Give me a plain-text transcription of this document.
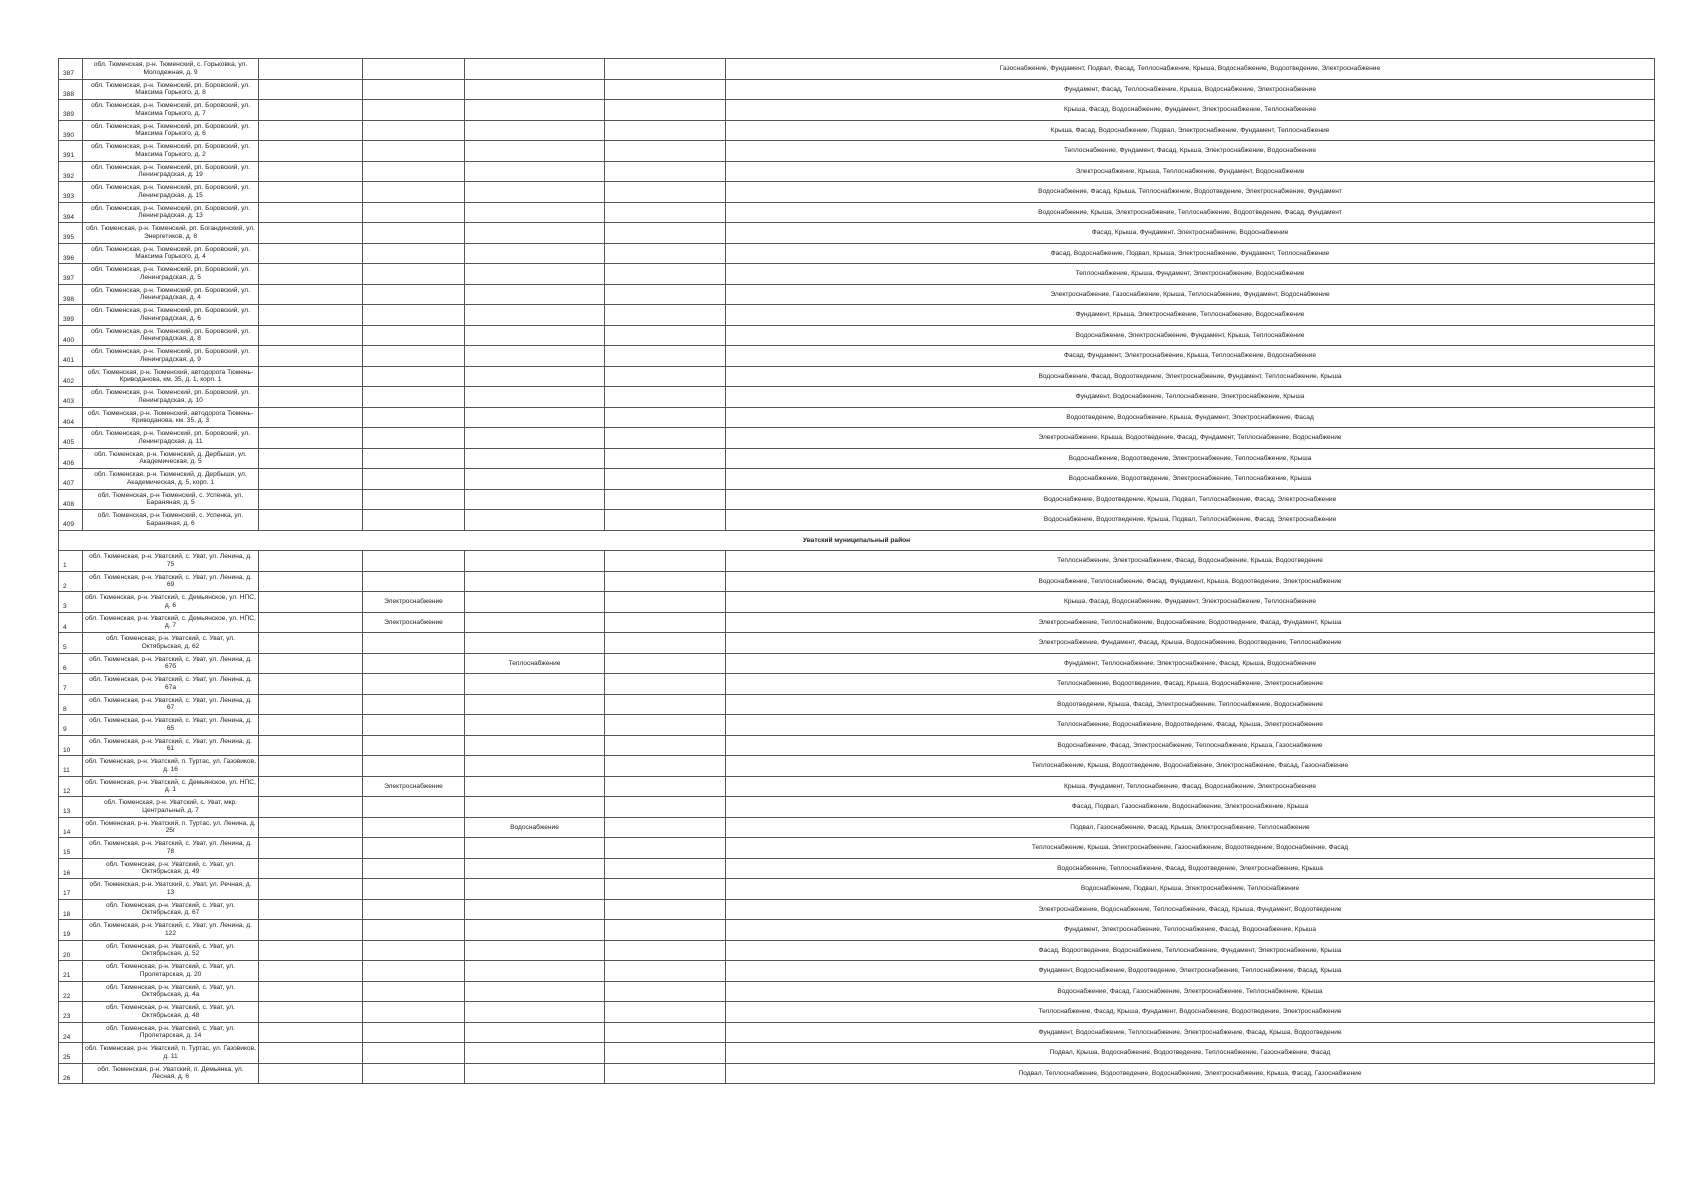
387	обл. Тюменская, р-н. Тюменский, с. Горьковка, ул. Молодежная, д. 9					Газоснабжение, Фундамент, Подвал, Фасад, Теплоснабжение, Крыша, Водоснабжение, Водоотведение, Электроснабжение
388	обл. Тюменская, р-н. Тюменский, рп. Боровский, ул. Максима Горького, д. 8					Фундамент, Фасад, Теплоснабжение, Крыша, Водоснабжение, Электроснабжение
389	обл. Тюменская, р-н. Тюменский, рп. Боровский, ул. Максима Горького, д. 7					Крыша, Фасад, Водоснабжение, Фундамент, Электроснабжение, Теплоснабжение
390	обл. Тюменская, р-н. Тюменский, рп. Боровский, ул. Максима Горького, д. 6					Крыша, Фасад, Водоснабжение, Подвал, Электроснабжение, Фундамент, Теплоснабжение
391	обл. Тюменская, р-н. Тюменский, рп. Боровский, ул. Максима Горького, д. 2					Теплоснабжение, Фундамент, Фасад, Крыша, Электроснабжение, Водоснабжение
392	обл. Тюменская, р-н. Тюменский, рп. Боровский, ул. Ленинградская, д. 19					Электроснабжение, Крыша, Теплоснабжение, Фундамент, Водоснабжение
393	обл. Тюменская, р-н. Тюменский, рп. Боровский, ул. Ленинградская, д. 15					Водоснабжение, Фасад, Крыша, Теплоснабжение, Водоотведение, Электроснабжение, Фундамент
394	обл. Тюменская, р-н. Тюменский, рп. Боровский, ул. Ленинградская, д. 13					Водоснабжение, Крыша, Электроснабжение, Теплоснабжение, Водоотведение, Фасад, Фундамент
395	обл. Тюменская, р-н. Тюменский, рп. Богандинский, ул. Энергетиков, д. 8					Фасад, Крыша, Фундамент, Электроснабжение, Водоснабжение
396	обл. Тюменская, р-н. Тюменский, рп. Боровский, ул. Максима Горького, д. 4					Фасад, Водоснабжение, Подвал, Крыша, Электроснабжение, Фундамент, Теплоснабжение
397	обл. Тюменская, р-н. Тюменский, рп. Боровский, ул. Ленинградская, д. 5					Теплоснабжение, Крыша, Фундамент, Электроснабжение, Водоснабжение
398	обл. Тюменская, р-н. Тюменский, рп. Боровский, ул. Ленинградская, д. 4					Электроснабжение, Газоснабжение, Крыша, Теплоснабжение, Фундамент, Водоснабжение
399	обл. Тюменская, р-н. Тюменский, рп. Боровский, ул. Ленинградская, д. 6					Фундамент, Крыша, Электроснабжение, Теплоснабжение, Водоснабжение
400	обл. Тюменская, р-н. Тюменский, рп. Боровский, ул. Ленинградская, д. 8					Водоснабжение, Электроснабжение, Фундамент, Крыша, Теплоснабжение
401	обл. Тюменская, р-н. Тюменский, рп. Боровский, ул. Ленинградская, д. 9					Фасад, Фундамент, Электроснабжение, Крыша, Теплоснабжение, Водоснабжение
402	обл. Тюменская, р-н. Тюменский, автодорога Тюмень-Криводанова, км. 35, д. 1, корп. 1					Водоснабжение, Фасад, Водоотведение, Электроснабжение, Фундамент, Теплоснабжение, Крыша
403	обл. Тюменская, р-н. Тюменский, рп. Боровский, ул. Ленинградская, д. 10					Фундамент, Водоснабжение, Теплоснабжение, Электроснабжение, Крыша
404	обл. Тюменская, р-н. Тюменский, автодорога Тюмень-Криводанова, км. 35, д. 3					Водоотведение, Водоснабжение, Крыша, Фундамент, Электроснабжение, Фасад
405	обл. Тюменская, р-н. Тюменский, рп. Боровский, ул. Ленинградская, д. 11					Электроснабжение, Крыша, Водоотведение, Фасад, Фундамент, Теплоснабжение, Водоснабжение
406	обл. Тюменская, р-н. Тюменский, д. Дербыши, ул. Академическая, д. 5					Водоснабжение, Водоотведение, Электроснабжение, Теплоснабжение, Крыша
407	обл. Тюменская, р-н. Тюменский, д. Дербыши, ул. Академическая, д. 5, корп. 1					Водоснабжение, Водоотведение, Электроснабжение, Теплоснабжение, Крыша
408	обл. Тюменская, р-н Тюменский, с. Успенка, ул. Бараняная, д. 5					Водоснабжение, Водоотведение, Крыша, Подвал, Теплоснабжение, Фасад, Электроснабжение
409	обл. Тюменская, р-н Тюменский, с. Успенка, ул. Бараняная, д. 6					Водоснабжение, Водоотведение, Крыша, Подвал, Теплоснабжение, Фасад, Электроснабжение
Уватский муниципальный район						
1	обл. Тюменская, р-н. Уватский, с. Уват, ул. Ленина, д. 75					Теплоснабжение, Электроснабжение, Фасад, Водоснабжение, Крыша, Водоотведение
2	обл. Тюменская, р-н. Уватский, с. Уват, ул. Ленина, д. 69					Водоснабжение, Теплоснабжение, Фасад, Фундамент, Крыша, Водоотведение, Электроснабжение
3	обл. Тюменская, р-н. Уватский, с. Демьянское, ул. НПС, д. 6		Электроснабжение			Крыша, Фасад, Водоснабжение, Фундамент, Электроснабжение, Теплоснабжение
4	обл. Тюменская, р-н. Уватский, с. Демьянское, ул. НПС, д. 7		Электроснабжение			Электроснабжение, Теплоснабжение, Водоснабжение, Водоотведение, Фасад, Фундамент, Крыша
5	обл. Тюменская, р-н. Уватский, с. Уват, ул. Октябрьская, д. 62					Электроснабжение, Фундамент, Фасад, Крыша, Водоснабжение, Водоотведение, Теплоснабжение
6	обл. Тюменская, р-н. Уватский, с. Уват, ул. Ленина, д. 67б			Теплоснабжение		Фундамент, Теплоснабжение, Электроснабжение, Фасад, Крыша, Водоснабжение
7	обл. Тюменская, р-н. Уватский, с. Уват, ул. Ленина, д. 67а					Теплоснабжение, Водоотведение, Фасад, Крыша, Водоснабжение, Электроснабжение
8	обл. Тюменская, р-н. Уватский, с. Уват, ул. Ленина, д. 67					Водоотведение, Крыша, Фасад, Электроснабжение, Теплоснабжение, Водоснабжение
9	обл. Тюменская, р-н. Уватский, с. Уват, ул. Ленина, д. 65					Теплоснабжение, Водоснабжение, Водоотведение, Фасад, Крыша, Электроснабжение
10	обл. Тюменская, р-н. Уватский, с. Уват, ул. Ленина, д. 61					Водоснабжение, Фасад, Электроснабжение, Теплоснабжение, Крыша, Газоснабжение
11	обл. Тюменская, р-н. Уватский, п. Туртас, ул. Газовиков, д. 16					Теплоснабжение, Крыша, Водоотведение, Водоснабжение, Электроснабжение, Фасад, Газоснабжение
12	обл. Тюменская, р-н. Уватский, с. Демьянское, ул. НПС, д. 1		Электроснабжение			Крыша, Фундамент, Теплоснабжение, Фасад, Водоснабжение, Электроснабжение
13	обл. Тюменская, р-н. Уватский, с. Уват, мкр. Центральный, д. 7					Фасад, Подвал, Газоснабжение, Водоснабжение, Электроснабжение, Крыша
14	обл. Тюменская, р-н. Уватский, п. Туртас, ул. Ленина, д. 25г			Водоснабжение		Подвал, Газоснабжение, Фасад, Крыша, Электроснабжение, Теплоснабжение
15	обл. Тюменская, р-н. Уватский, с. Уват, ул. Ленина, д. 78					Теплоснабжение, Крыша, Электроснабжение, Газоснабжение, Водоотведение, Водоснабжение, Фасад
16	обл. Тюменская, р-н. Уватский, с. Уват, ул. Октябрьская, д. 49					Водоснабжение, Теплоснабжение, Фасад, Водоотведение, Электроснабжение, Крыша
17	обл. Тюменская, р-н. Уватский, с. Уват, ул. Речная, д. 13					Водоснабжение, Подвал, Крыша, Электроснабжение, Теплоснабжение
18	обл. Тюменская, р-н. Уватский, с. Уват, ул. Октябрьская, д. 67					Электроснабжение, Водоснабжение, Теплоснабжение, Фасад, Крыша, Фундамент, Водоотведение
19	обл. Тюменская, р-н. Уватский, с. Уват, ул. Ленина, д. 122					Фундамент, Электроснабжение, Теплоснабжение, Фасад, Водоснабжение, Крыша
20	обл. Тюменская, р-н. Уватский, с. Уват, ул. Октябрьская, д. 52					Фасад, Водоотведение, Водоснабжение, Теплоснабжение, Фундамент, Электроснабжение, Крыша
21	обл. Тюменская, р-н. Уватский, с. Уват, ул. Пролетарская, д. 20					Фундамент, Водоснабжение, Водоотведение, Электроснабжение, Теплоснабжение, Фасад, Крыша
22	обл. Тюменская, р-н. Уватский, с. Уват, ул. Октябрьская, д. 4а					Водоснабжение, Фасад, Газоснабжение, Электроснабжение, Теплоснабжение, Крыша
23	обл. Тюменская, р-н. Уватский, с. Уват, ул. Октябрьская, д. 48					Теплоснабжение, Фасад, Крыша, Фундамент, Водоснабжение, Водоотведение, Электроснабжение
24	обл. Тюменская, р-н. Уватский, с. Уват, ул. Пролетарская, д. 14					Фундамент, Водоснабжение, Теплоснабжение, Электроснабжение, Фасад, Крыша, Водоотведение
25	обл. Тюменская, р-н. Уватский, п. Туртас, ул. Газовиков, д. 11					Подвал, Крыша, Водоснабжение, Водоотведение, Теплоснабжение, Газоснабжение, Фасад
26	обл. Тюменская, р-н. Уватский, п. Демьянка, ул. Лесная, д. 6					Подвал, Теплоснабжение, Водоотведение, Водоснабжение, Электроснабжение, Крыша, Фасад, Газоснабжение
